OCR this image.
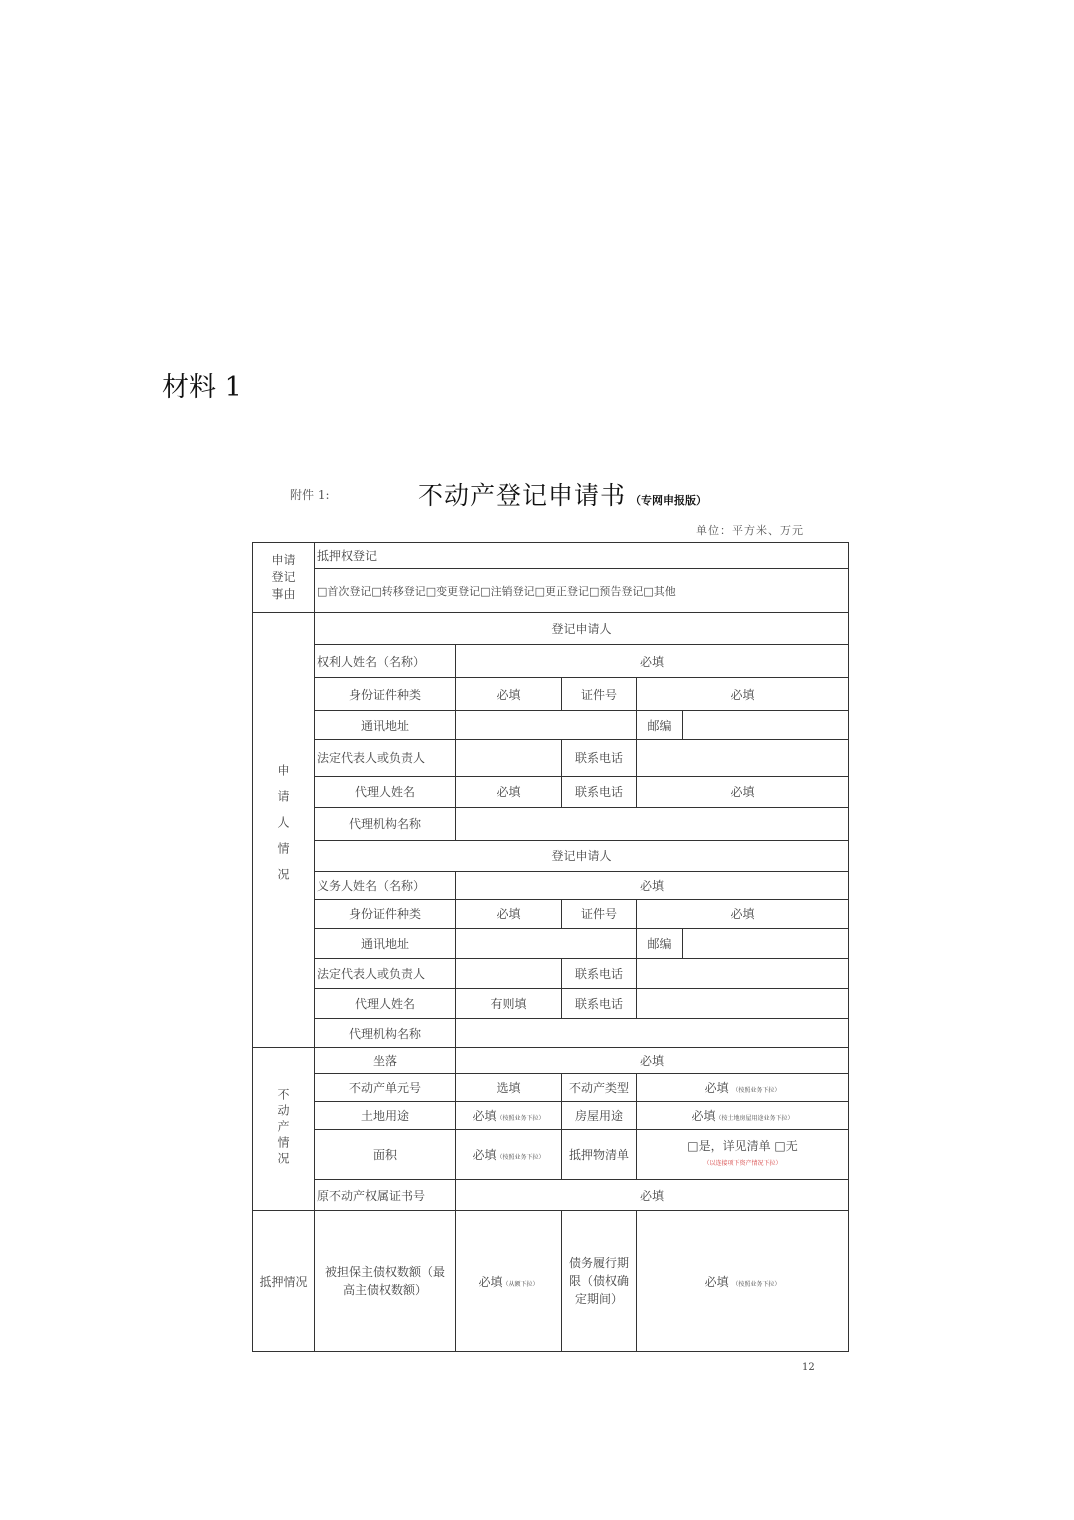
材料 1
附件 1:	不动产登记申请书 （专网申报版）
单位：平方米、万元
申请登记事由	抵押权登记				
	□首次登记□转移登记□变更登记□注销登记□更正登记□预告登记□其他				
申请人情况	登记申请人				
	权利人姓名（名称）	必填			
	身份证件种类	必填	证件号	必填	
	通讯地址			邮编	
	法定代表人或负责人		联系电话		
	代理人姓名	必填	联系电话	必填	
	代理机构名称				
	登记申请人				
	义务人姓名（名称）	必填			
	身份证件种类	必填	证件号	必填	
	通讯地址			邮编	
	法定代表人或负责人		联系电话		
	代理人姓名	有则填	联系电话		
	代理机构名称				
不动产情况	坐落	必填			
	不动产单元号	选填	不动产类型	必填 （按照业务下拉）	
	土地用途	必填（按照业务下拉）	房屋用途	必填（按土地房屋用途业务下拉）	
	面积	必填（按照业务下拉）	抵押物清单	□是，详见清单 □无
（以连接项下资产情况下拉）	

	原不动产权属证书号	必填			
抵押情况	被担保主债权数额（最高主债权数额）	必填（从额下拉）	债务履行期限（债权确定期间）	必填 （按照业务下拉）	
12
